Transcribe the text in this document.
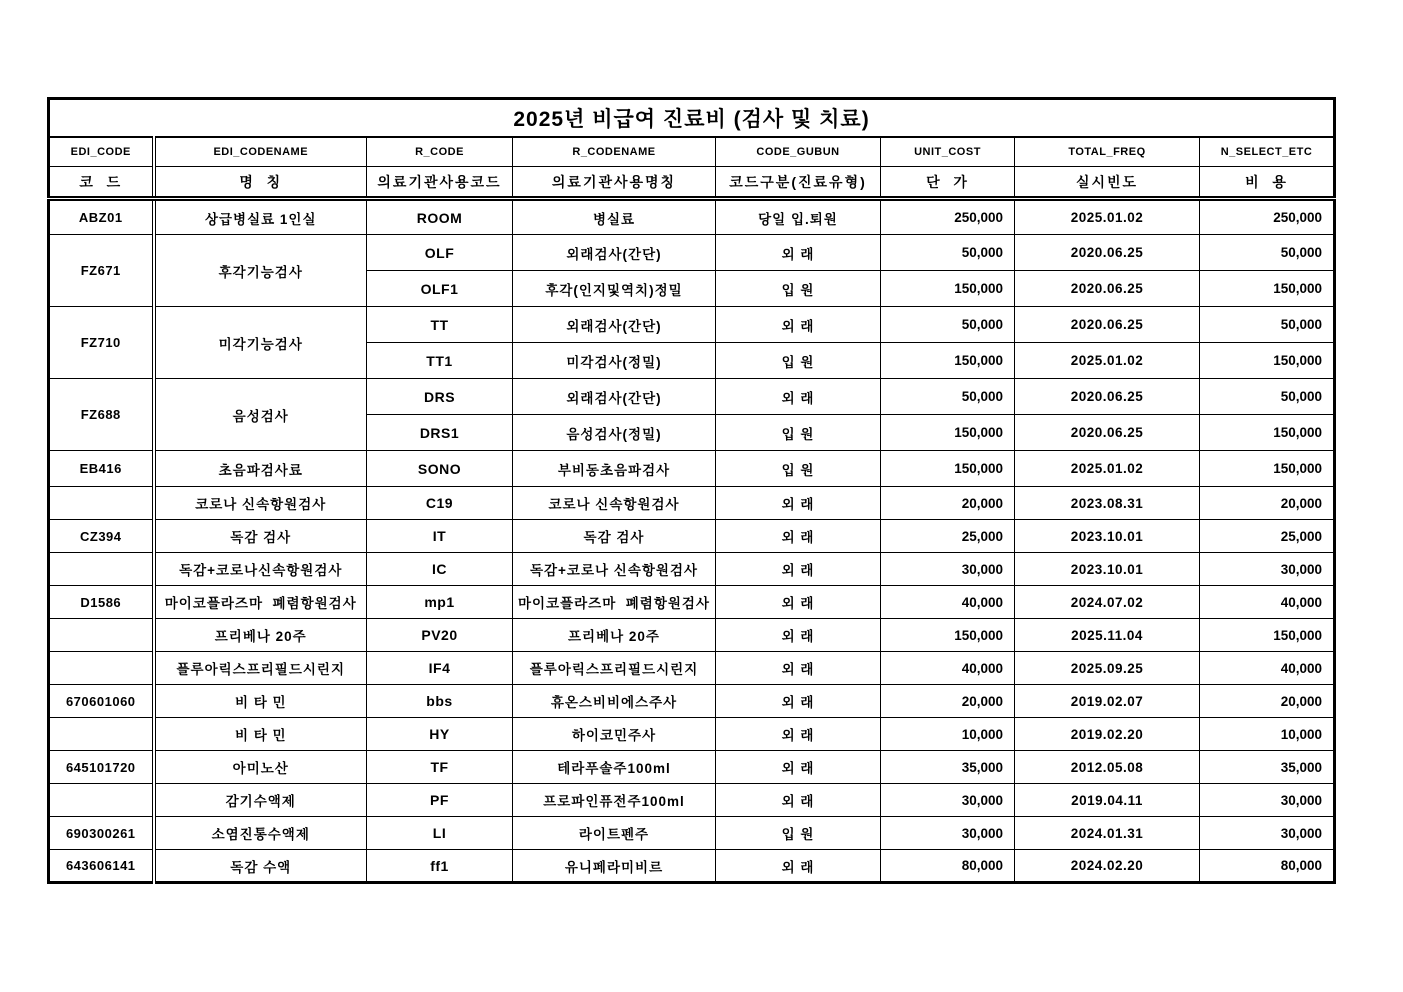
2025년 비급여 진료비 (검사 및 치료)							
EDI_CODE	EDI_CODENAME	R_CODE	R_CODENAME	CODE_GUBUN	UNIT_COST	TOTAL_FREQ	N_SELECT_ETC
코  드	명  칭	의료기관사용코드	의료기관사용명칭	코드구분(진료유형)	단  가	실시빈도	비  용
ABZ01	상급병실료 1인실	ROOM	병실료	당일 입.퇴원	250,000	2025.01.02	250,000
FZ671	후각기능검사	OLF	외래검사(간단)	외 래	50,000	2020.06.25	50,000
		OLF1	후각(인지및역치)정밀	입 원	150,000	2020.06.25	150,000
FZ710	미각기능검사	TT	외래검사(간단)	외 래	50,000	2020.06.25	50,000
		TT1	미각검사(정밀)	입 원	150,000	2025.01.02	150,000
FZ688	음성검사	DRS	외래검사(간단)	외 래	50,000	2020.06.25	50,000
		DRS1	음성검사(정밀)	입 원	150,000	2020.06.25	150,000
EB416	초음파검사료	SONO	부비동초음파검사	입 원	150,000	2025.01.02	150,000
	코로나 신속항원검사	C19	코로나 신속항원검사	외 래	20,000	2023.08.31	20,000
CZ394	독감 검사	IT	독감 검사	외 래	25,000	2023.10.01	25,000
	독감+코로나신속항원검사	IC	독감+코로나 신속항원검사	외 래	30,000	2023.10.01	30,000
D1586	마이코플라즈마  폐렴항원검사	mp1	마이코플라즈마  폐렴항원검사	외 래	40,000	2024.07.02	40,000
	프리베나 20주	PV20	프리베나 20주	외 래	150,000	2025.11.04	150,000
	플루아릭스프리필드시린지	IF4	플루아릭스프리필드시린지	외 래	40,000	2025.09.25	40,000
670601060	비 타 민	bbs	휴온스비비에스주사	외 래	20,000	2019.02.07	20,000
	비 타 민	HY	하이코민주사	외 래	10,000	2019.02.20	10,000
645101720	아미노산	TF	테라푸솔주100ml	외 래	35,000	2012.05.08	35,000
	감기수액제	PF	프로파인퓨전주100ml	외 래	30,000	2019.04.11	30,000
690300261	소염진통수액제	LI	라이트펜주	입 원	30,000	2024.01.31	30,000
643606141	독감 수액	ff1	유니페라미비르	외 래	80,000	2024.02.20	80,000
